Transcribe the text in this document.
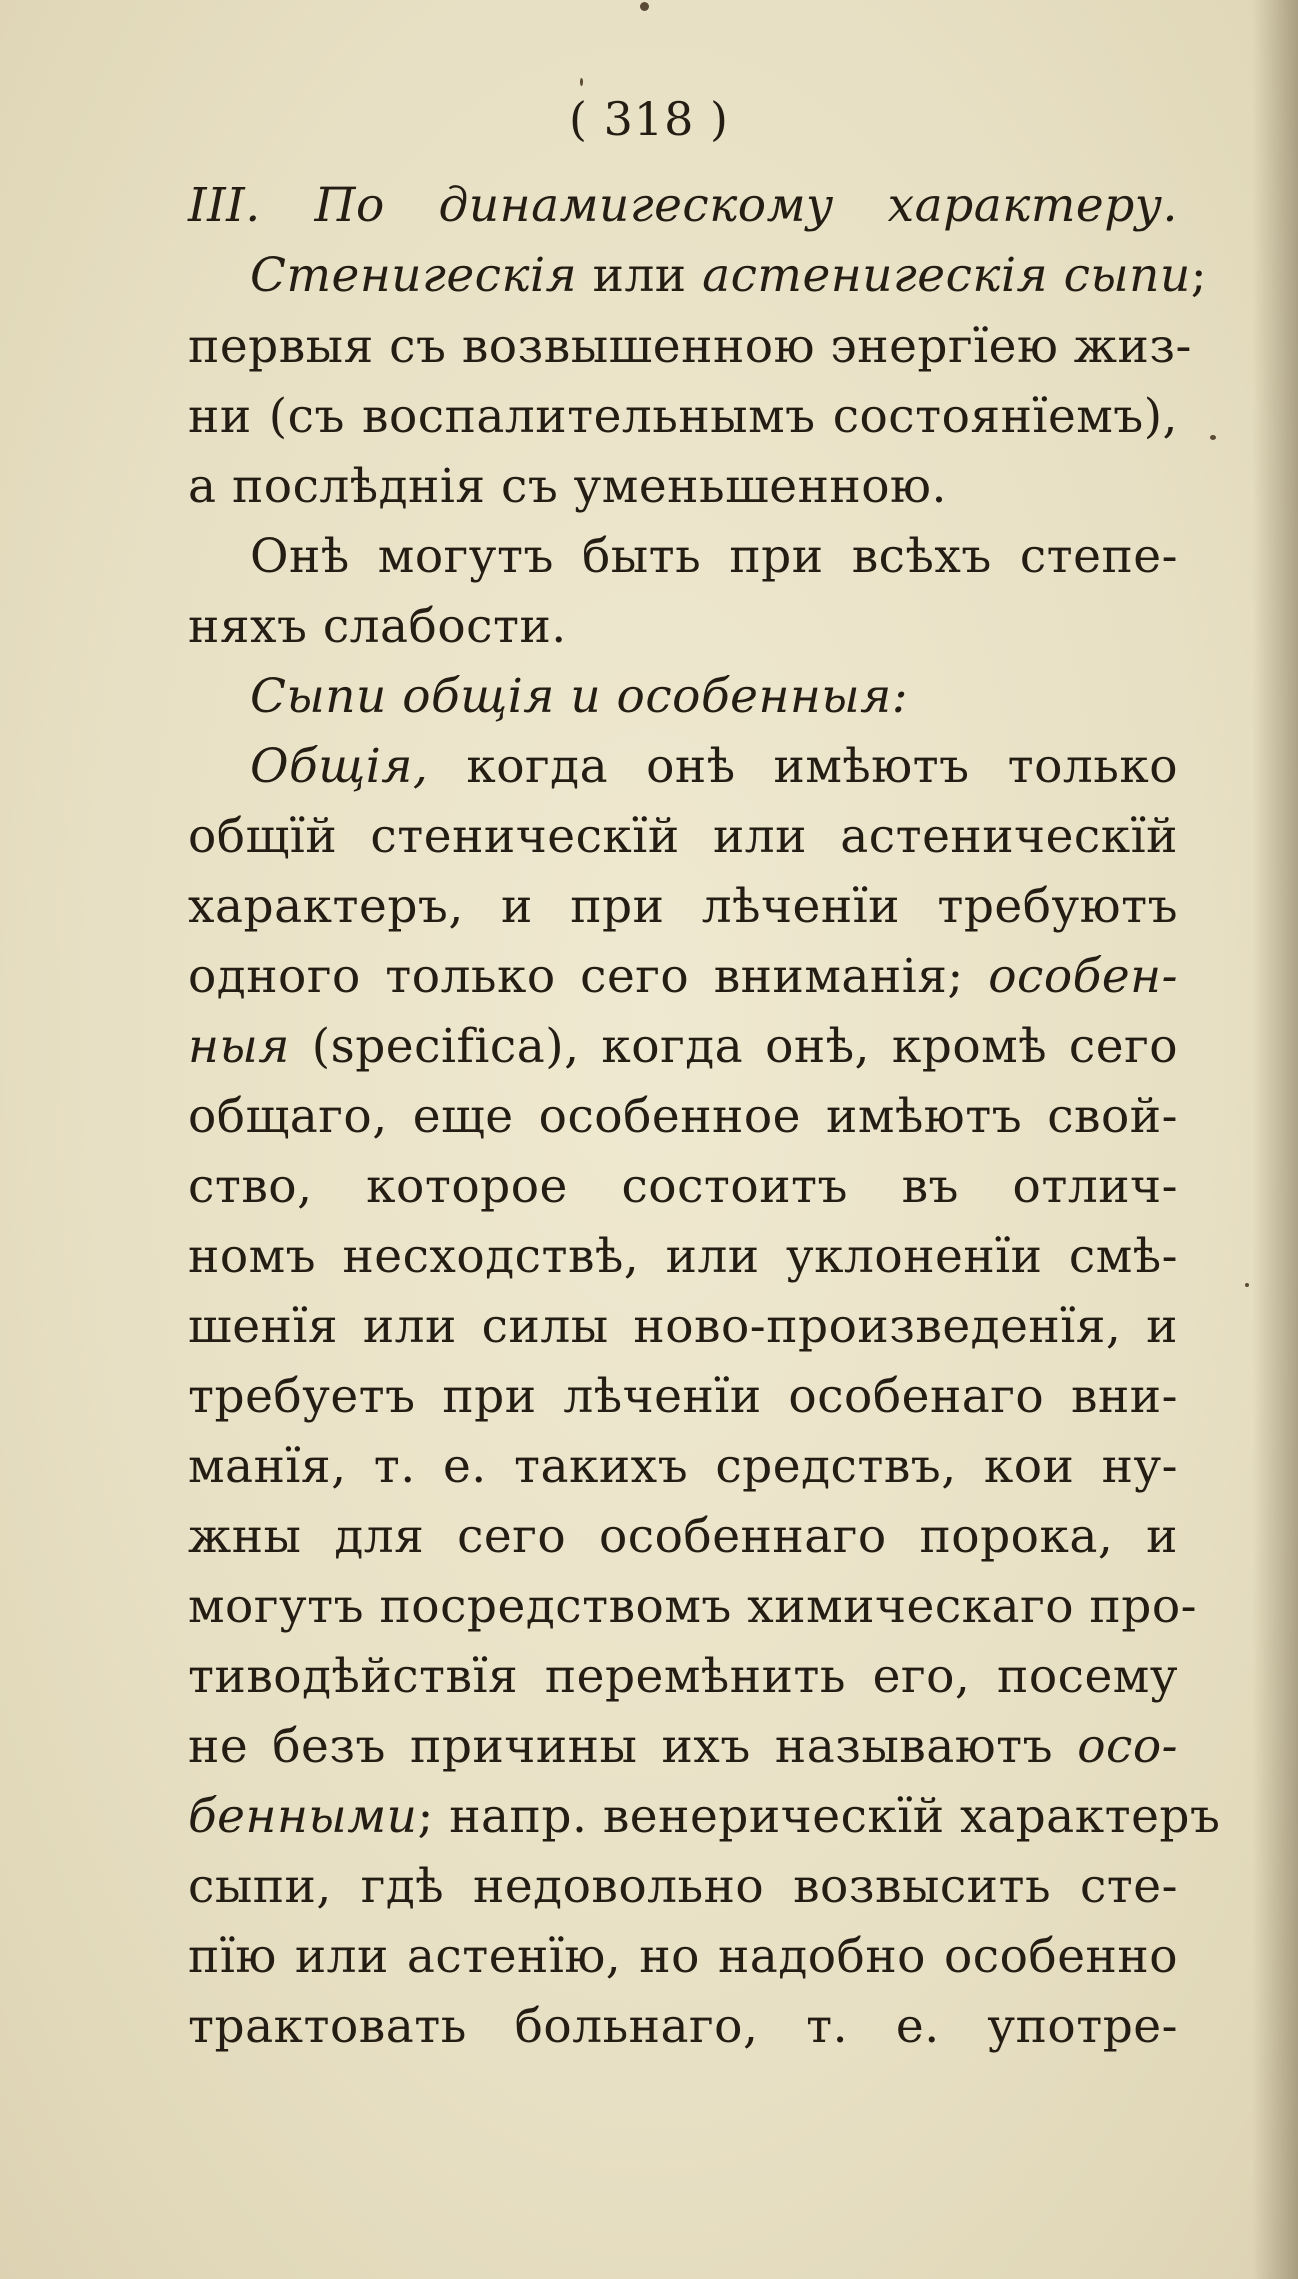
( 318 )
III. По динамигескому характеру.
Стенигескія или астенигескія сыпи;
первыя съ возвышенною энергїею жиз-
ни (съ воспалительнымъ состоянїемъ),
а послѣднія съ уменьшенною.
Онѣ могутъ быть при всѣхъ степе-
няхъ слабости.
Сыпи общія и особенныя:
Общія, когда онѣ имѣютъ только
общїй стеническїй или астеническїй
характеръ, и при лѣченїи требуютъ
одного только сего вниманія; особен-
ныя (specifica), когда онѣ, кромѣ сего
общаго, еще особенное имѣютъ свой-
ство, которое состоитъ въ отлич-
номъ несходствѣ, или уклоненїи смѣ-
шенїя или силы ново-произведенїя, и
требуетъ при лѣченїи особенаго вни-
манїя, т. е. такихъ средствъ, кои ну-
жны для сего особеннаго порока, и
могутъ посредствомъ химическаго про-
тиводѣйствїя перемѣнить его, посему
не безъ причины ихъ называютъ осо-
бенными; напр. венерическїй характеръ
сыпи, гдѣ недовольно возвысить сте-
пїю или астенїю, но надобно особенно
трактовать больнаго, т. е. употре-
